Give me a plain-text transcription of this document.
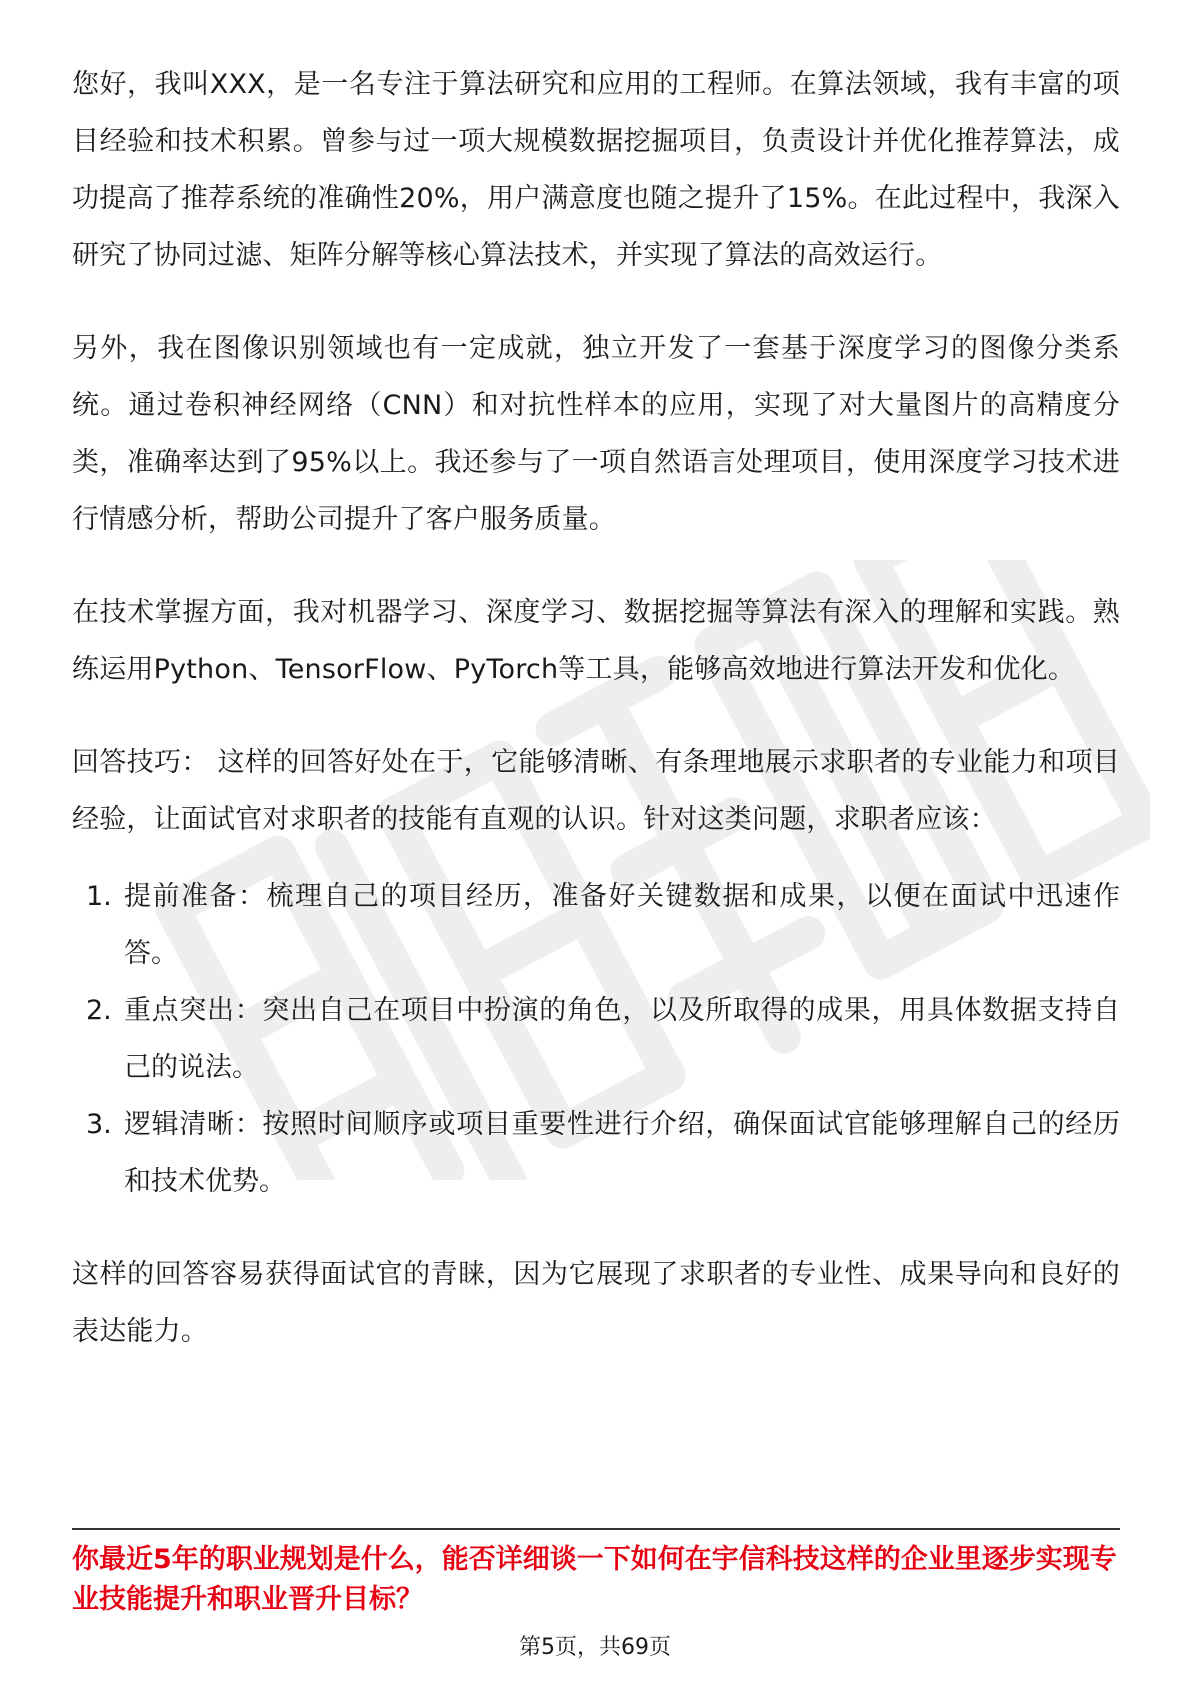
您好，我叫XXX，是一名专注于算法研究和应用的工程师。在算法领域，我有丰富的项目经验和技术积累。曾参与过一项大规模数据挖掘项目，负责设计并优化推荐算法，成功提高了推荐系统的准确性20%，用户满意度也随之提升了15%。在此过程中，我深入研究了协同过滤、矩阵分解等核心算法技术，并实现了算法的高效运行。

另外，我在图像识别领域也有一定成就，独立开发了一套基于深度学习的图像分类系统。通过卷积神经网络（CNN）和对抗性样本的应用，实现了对大量图片的高精度分类，准确率达到了95%以上。我还参与了一项自然语言处理项目，使用深度学习技术进行情感分析，帮助公司提升了客户服务质量。

在技术掌握方面，我对机器学习、深度学习、数据挖掘等算法有深入的理解和实践。熟练运用Python、TensorFlow、PyTorch等工具，能够高效地进行算法开发和优化。

回答技巧： 这样的回答好处在于，它能够清晰、有条理地展示求职者的专业能力和项目经验，让面试官对求职者的技能有直观的认识。针对这类问题，求职者应该：

1. 提前准备：梳理自己的项目经历，准备好关键数据和成果，以便在面试中迅速作答。
2. 重点突出：突出自己在项目中扮演的角色，以及所取得的成果，用具体数据支持自己的说法。
3. 逻辑清晰：按照时间顺序或项目重要性进行介绍，确保面试官能够理解自己的经历和技术优势。

这样的回答容易获得面试官的青睐，因为它展现了求职者的专业性、成果导向和良好的表达能力。

你最近5年的职业规划是什么，能否详细谈一下如何在宇信科技这样的企业里逐步实现专业技能提升和职业晋升目标？
第5页，共69页
